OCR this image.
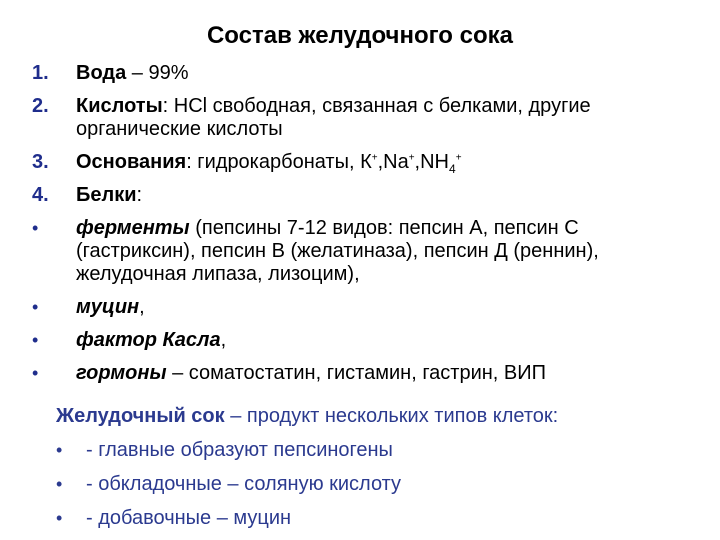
Состав желудочного сока
1. Вода – 99%
2. Кислоты: НСl свободная, связанная с белками, другие органические кислоты
3. Основания: гидрокарбонаты, $К^+,Nа^+,NH_4^+$
4. Белки:
• ферменты (пепсины 7-12 видов: пепсин А, пепсин С (гастриксин), пепсин В (желатиназа), пепсин Д (реннин), желудочная липаза, лизоцим),
• муцин,
• фактор Касла,
• гормоны – соматостатин, гистамин, гастрин, ВИП
Желудочный сок – продукт нескольких типов клеток:
• - главные образуют пепсиногены
• - обкладочные – соляную кислоту
• - добавочные – муцин
